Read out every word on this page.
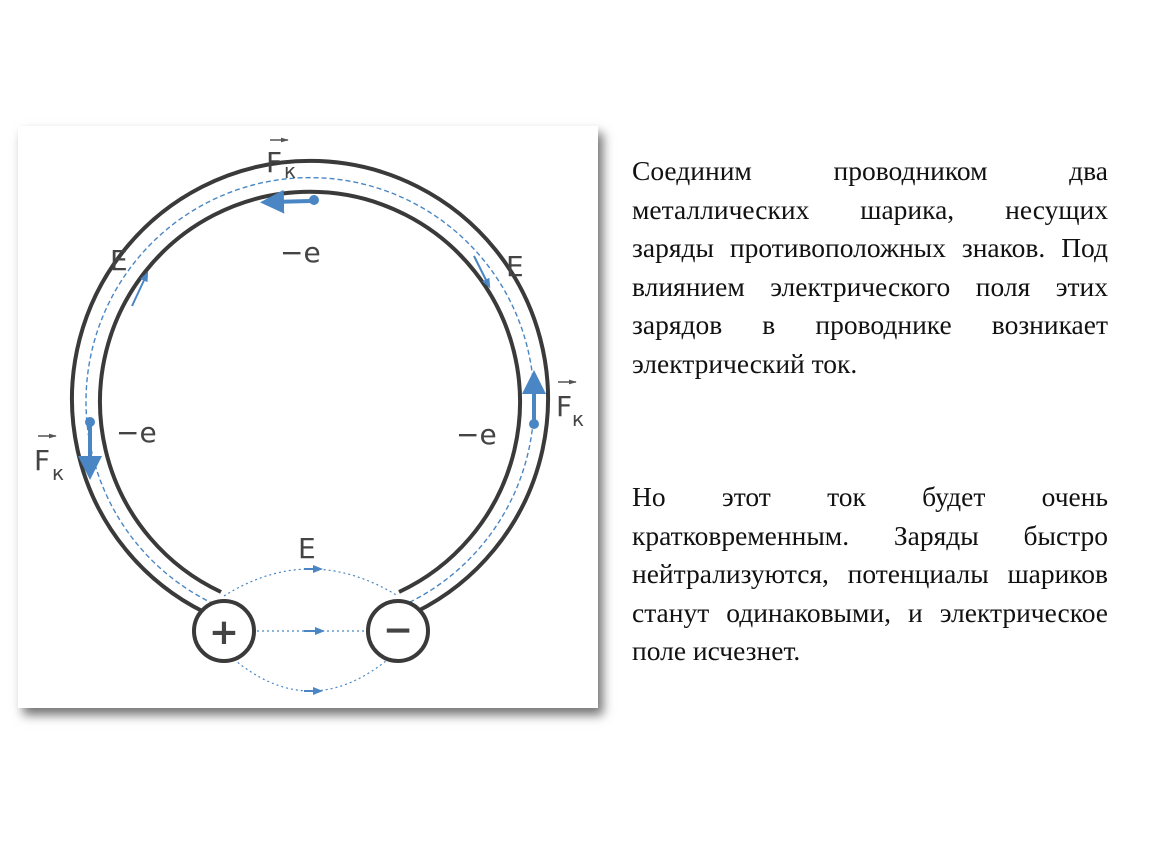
+	−
E	E
E
−e
−e	−e
F к
F к
F к

Соединим проводником два металлических шарика, несущих заряды противоположных знаков. Под влиянием электрического поля этих зарядов в проводнике возникает электрический ток.

Но этот ток будет очень кратковременным. Заряды быстро нейтрализуются, потенциалы шариков станут одинаковыми, и электрическое поле исчезнет.
